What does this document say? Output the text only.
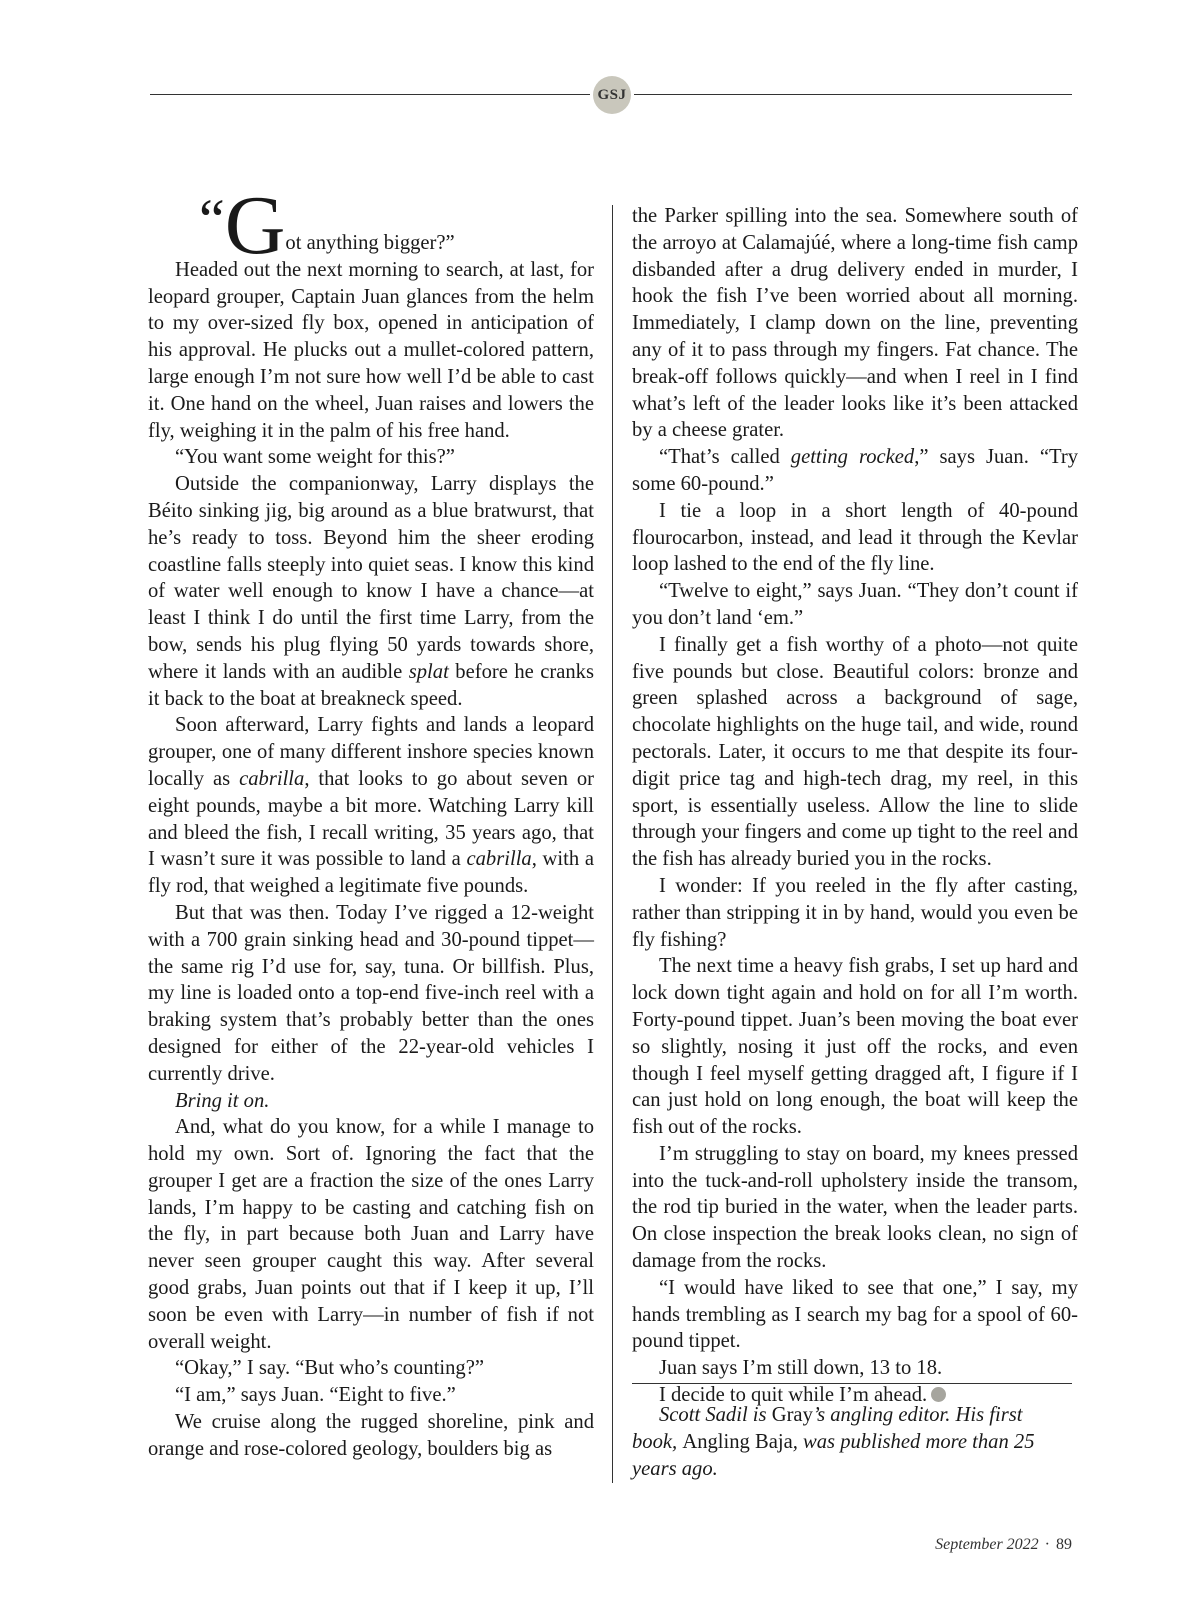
GSJ

“Got anything bigger?”

Headed out the next morning to search, at last, for leopard grouper, Captain Juan glances from the helm to my over-sized fly box, opened in anticipation of his approval. He plucks out a mullet-colored pattern, large enough I’m not sure how well I’d be able to cast it. One hand on the wheel, Juan raises and lowers the fly, weighing it in the palm of his free hand.

“You want some weight for this?”

Outside the companionway, Larry displays the Béito sinking jig, big around as a blue bratwurst, that he’s ready to toss. Beyond him the sheer eroding coastline falls steeply into quiet seas. I know this kind of water well enough to know I have a chance—at least I think I do until the first time Larry, from the bow, sends his plug flying 50 yards towards shore, where it lands with an audible splat before he cranks it back to the boat at breakneck speed.

Soon afterward, Larry fights and lands a leopard grouper, one of many different inshore species known locally as cabrilla, that looks to go about seven or eight pounds, maybe a bit more. Watching Larry kill and bleed the fish, I recall writing, 35 years ago, that I wasn’t sure it was possible to land a cabrilla, with a fly rod, that weighed a legitimate five pounds.

But that was then. Today I’ve rigged a 12-weight with a 700 grain sinking head and 30-pound tippet—the same rig I’d use for, say, tuna. Or billfish. Plus, my line is loaded onto a top-end five-inch reel with a braking system that’s probably better than the ones designed for either of the 22-year-old vehicles I currently drive.

Bring it on.

And, what do you know, for a while I manage to hold my own. Sort of. Ignoring the fact that the grouper I get are a fraction the size of the ones Larry lands, I’m happy to be casting and catching fish on the fly, in part because both Juan and Larry have never seen grouper caught this way. After several good grabs, Juan points out that if I keep it up, I’ll soon be even with Larry—in number of fish if not overall weight.

“Okay,” I say. “But who’s counting?”

“I am,” says Juan. “Eight to five.”

We cruise along the rugged shoreline, pink and orange and rose-colored geology, boulders big as

the Parker spilling into the sea. Somewhere south of the arroyo at Calamajúé, where a long-time fish camp disbanded after a drug delivery ended in murder, I hook the fish I’ve been worried about all morning. Immediately, I clamp down on the line, preventing any of it to pass through my fingers. Fat chance. The break-off follows quickly—and when I reel in I find what’s left of the leader looks like it’s been attacked by a cheese grater.

“That’s called getting rocked,” says Juan. “Try some 60-pound.”

I tie a loop in a short length of 40-pound flourocarbon, instead, and lead it through the Kevlar loop lashed to the end of the fly line.

“Twelve to eight,” says Juan. “They don’t count if you don’t land ‘em.”

I finally get a fish worthy of a photo—not quite five pounds but close. Beautiful colors: bronze and green splashed across a background of sage, chocolate highlights on the huge tail, and wide, round pectorals. Later, it occurs to me that despite its four-digit price tag and high-tech drag, my reel, in this sport, is essentially useless. Allow the line to slide through your fingers and come up tight to the reel and the fish has already buried you in the rocks.

I wonder: If you reeled in the fly after casting, rather than stripping it in by hand, would you even be fly fishing?

The next time a heavy fish grabs, I set up hard and lock down tight again and hold on for all I’m worth. Forty-pound tippet. Juan’s been moving the boat ever so slightly, nosing it just off the rocks, and even though I feel myself getting dragged aft, I figure if I can just hold on long enough, the boat will keep the fish out of the rocks.

I’m struggling to stay on board, my knees pressed into the tuck-and-roll upholstery inside the transom, the rod tip buried in the water, when the leader parts. On close inspection the break looks clean, no sign of damage from the rocks.

“I would have liked to see that one,” I say, my hands trembling as I search my bag for a spool of 60-pound tippet.

Juan says I’m still down, 13 to 18.

I decide to quit while I’m ahead.

Scott Sadil is Gray’s angling editor. His first book, Angling Baja, was published more than 25 years ago.

September 2022 · 89
